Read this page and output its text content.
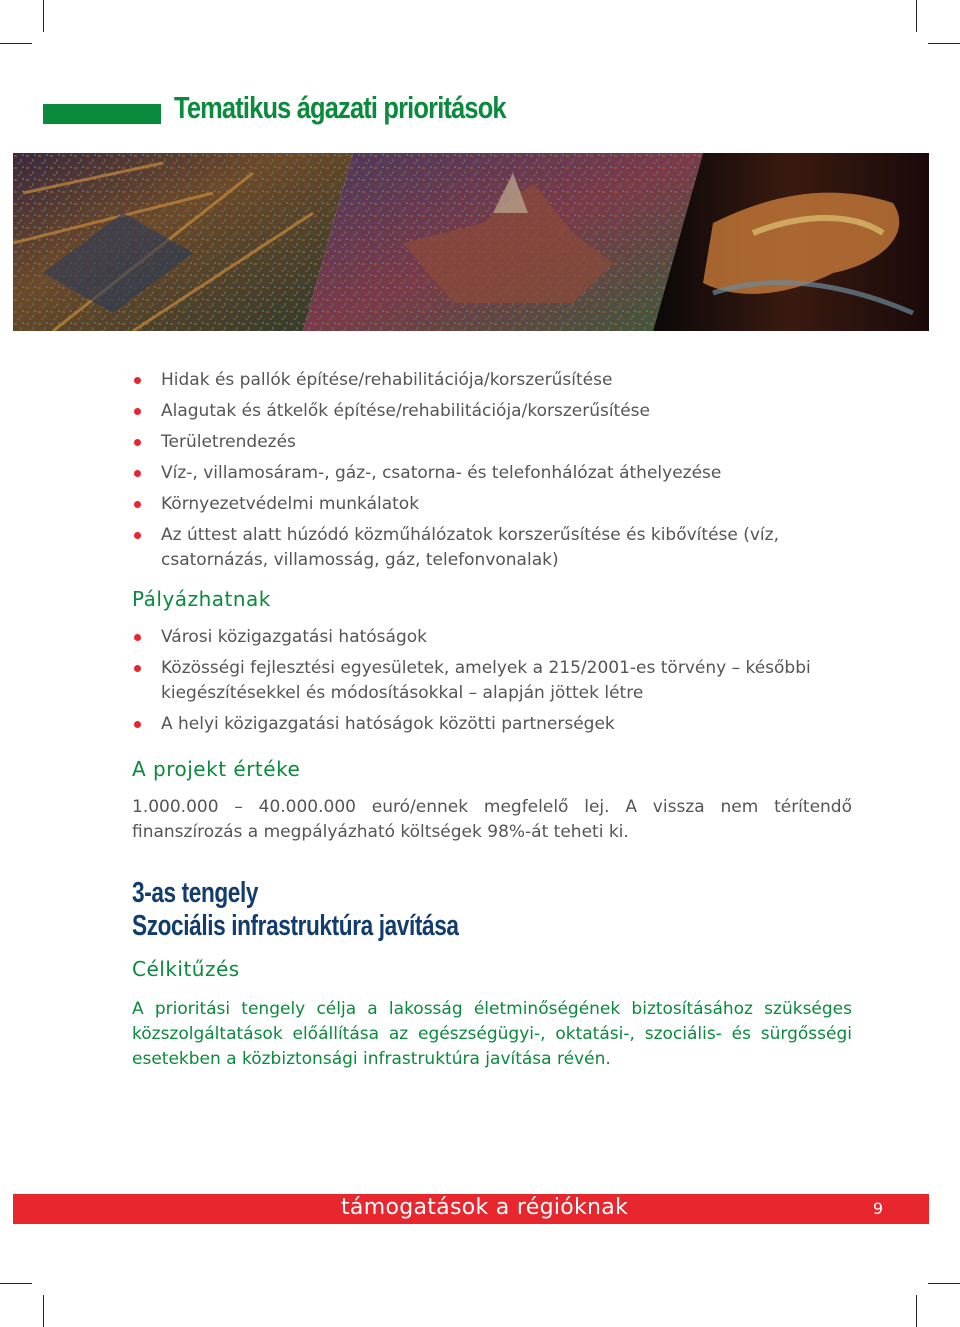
Tematikus ágazati prioritások
Hidak és pallók építése/rehabilitációja/korszerűsítése
Alagutak és átkelők építése/rehabilitációja/korszerűsítése
Területrendezés
Víz-, villamosáram-, gáz-, csatorna- és telefonhálózat áthelyezése
Környezetvédelmi munkálatok
Az úttest alatt húzódó közműhálózatok korszerűsítése és kibővítése (víz, csatornázás, villamosság, gáz, telefonvonalak)
Pályázhatnak
Városi közigazgatási hatóságok
Közösségi fejlesztési egyesületek, amelyek a 215/2001-es törvény – későbbi kiegészítésekkel és módosításokkal – alapján jöttek létre
A helyi közigazgatási hatóságok közötti partnerségek
A projekt értéke

1.000.000 – 40.000.000 euró/ennek megfelelő lej. A vissza nem térítendő finanszírozás a megpályázható költségek 98%-át teheti ki.

3-as tengely
Szociális infrastruktúra javítása
Célkitűzés

A prioritási tengely célja a lakosság életminőségének biztosításához szükséges közszolgáltatások előállítása az egészségügyi-, oktatási-, szociális- és sürgősségi esetekben a közbiztonsági infrastruktúra javítása révén.

támogatások a régióknak	9
